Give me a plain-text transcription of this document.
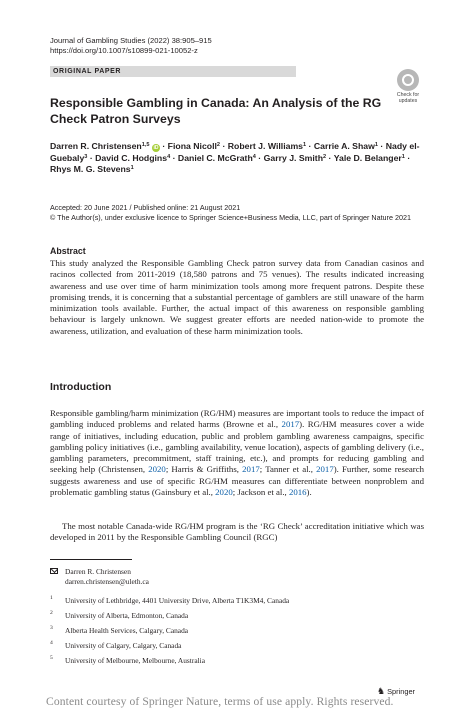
Journal of Gambling Studies (2022) 38:905–915
https://doi.org/10.1007/s10899-021-10052-z
ORIGINAL PAPER
Check for
updates
Responsible Gambling in Canada: An Analysis of the RG Check Patron Surveys
Darren R. Christensen$^{1,5}$ iD · Fiona Nicoll$^2$ · Robert J. Williams$^1$ · Carrie A. Shaw$^1$ · Nady el-Guebaly$^3$ · David C. Hodgins$^4$ · Daniel C. McGrath$^4$ · Garry J. Smith$^2$ · Yale D. Belanger$^1$ · Rhys M. G. Stevens$^1$
Accepted: 20 June 2021 / Published online: 21 August 2021
© The Author(s), under exclusive licence to Springer Science+Business Media, LLC, part of Springer Nature 2021
Abstract

This study analyzed the Responsible Gambling Check patron survey data from Canadian casinos and racinos collected from 2011-2019 (18,580 patrons and 75 venues). The results indicated increasing awareness and use over time of harm minimization tools among more frequent patrons. Despite these promising trends, it is concerning that a substantial percentage of gamblers are still unaware of the harm minimization tools available. Further, the actual impact of this awareness on responsible gambling behaviour is largely unknown. We suggest greater efforts are needed nation-wide to promote the awareness, utilization, and evaluation of these harm minimization tools.

Introduction

Responsible gambling/harm minimization (RG/HM) measures are important tools to reduce the impact of gambling induced problems and related harms (Browne et al., 2017). RG/HM measures cover a wide range of initiatives, including education, public and problem gambling awareness campaigns, specific gambling policy initiatives (i.e., gambling availability, venue location), aspects of gambling delivery (i.e., gambling parameters, precommitment, staff training, etc.), and prompts for reducing gambling and seeking help (Christensen, 2020; Harris & Griffiths, 2017; Tanner et al., 2017). Further, some research suggests awareness and use of specific RG/HM measures can differentiate between nonproblem and problematic gambling status (Gainsbury et al., 2020; Jackson et al., 2016).

The most notable Canada-wide RG/HM program is the ‘RG Check’ accreditation initiative which was developed in 2011 by the Responsible Gambling Council (RGC)

Darren R. Christensen
darren.christensen@uleth.ca
1 University of Lethbridge, 4401 University Drive, Alberta T1K3M4, Canada
2 University of Alberta, Edmonton, Canada
3 Alberta Health Services, Calgary, Canada
4 University of Calgary, Calgary, Canada
5 University of Melbourne, Melbourne, Australia
♞ Springer
Content courtesy of Springer Nature, terms of use apply. Rights reserved.
